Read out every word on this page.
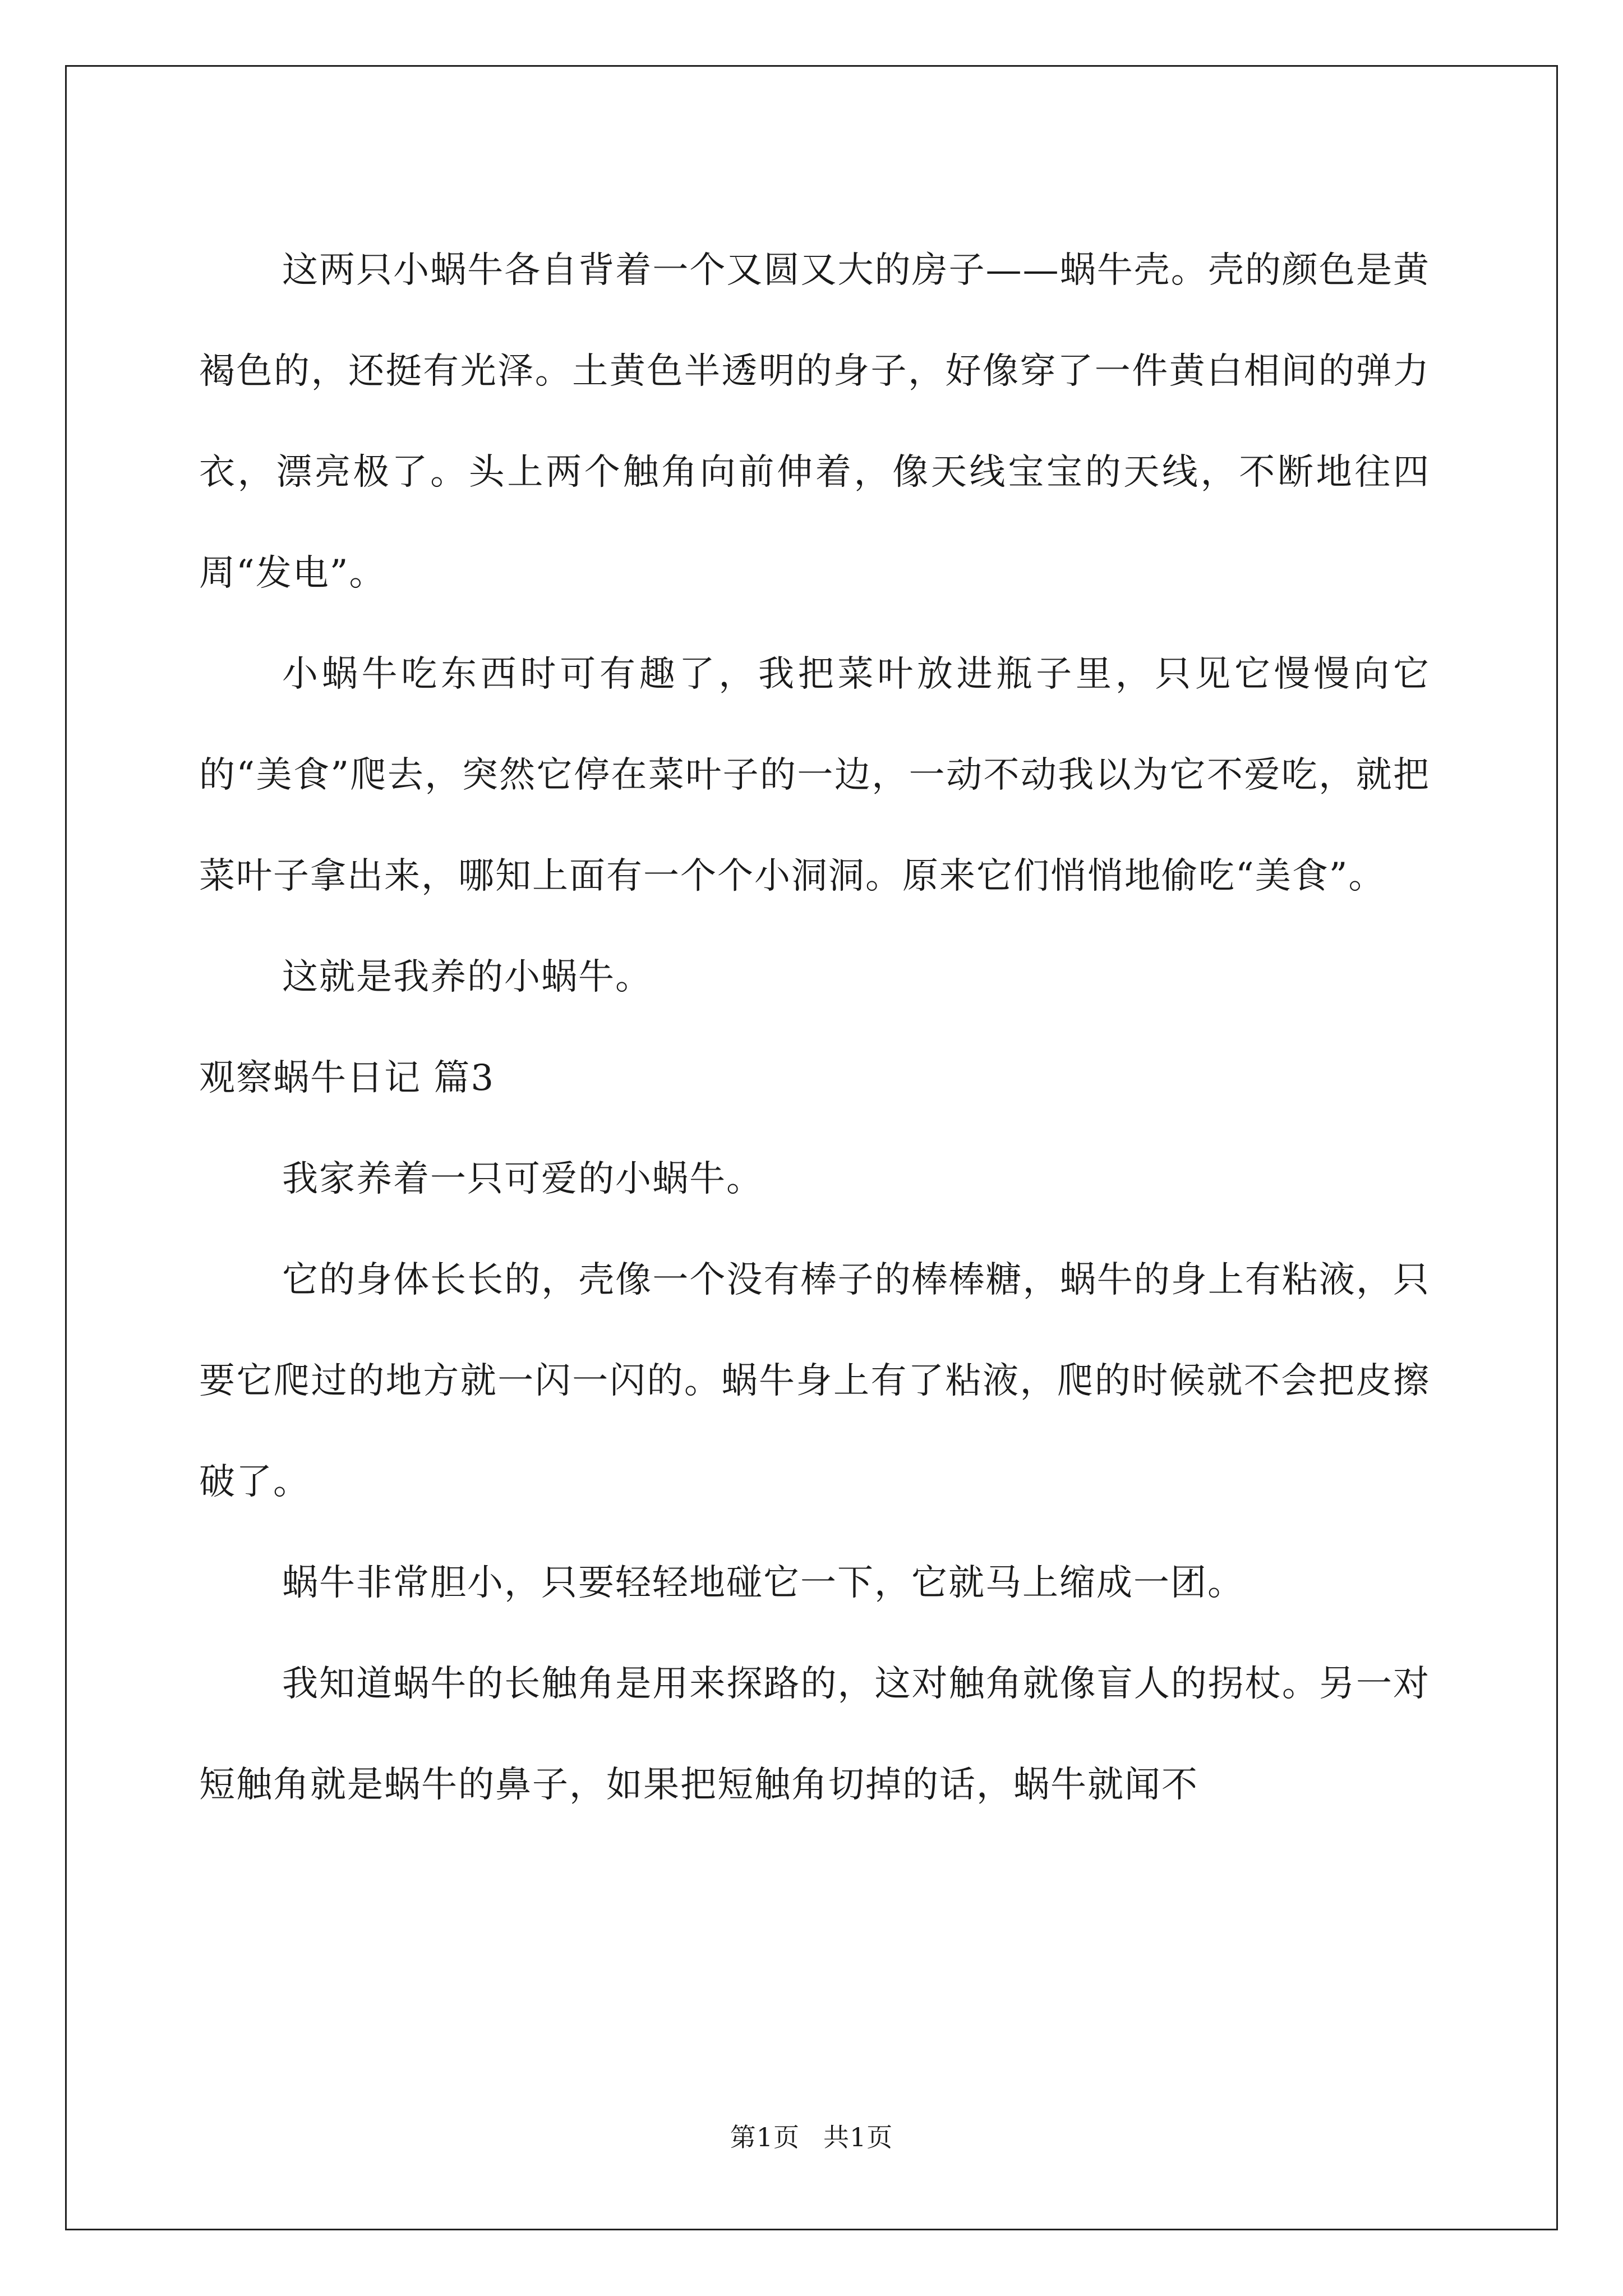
这两只小蜗牛各自背着一个又圆又大的房子——蜗牛壳。壳的颜色是黄褐色的，还挺有光泽。土黄色半透明的身子，好像穿了一件黄白相间的弹力衣，漂亮极了。头上两个触角向前伸着，像天线宝宝的天线，不断地往四周“发电”。

小蜗牛吃东西时可有趣了，我把菜叶放进瓶子里，只见它慢慢向它的“美食”爬去，突然它停在菜叶子的一边，一动不动我以为它不爱吃，就把菜叶子拿出来，哪知上面有一个个小洞洞。原来它们悄悄地偷吃“美食”。

这就是我养的小蜗牛。

观察蜗牛日记 篇3

我家养着一只可爱的小蜗牛。

它的身体长长的，壳像一个没有棒子的棒棒糖，蜗牛的身上有粘液，只要它爬过的地方就一闪一闪的。蜗牛身上有了粘液，爬的时候就不会把皮擦破了。

蜗牛非常胆小，只要轻轻地碰它一下，它就马上缩成一团。

我知道蜗牛的长触角是用来探路的，这对触角就像盲人的拐杖。另一对短触角就是蜗牛的鼻子，如果把短触角切掉的话，蜗牛就闻不

第1页 共1页
